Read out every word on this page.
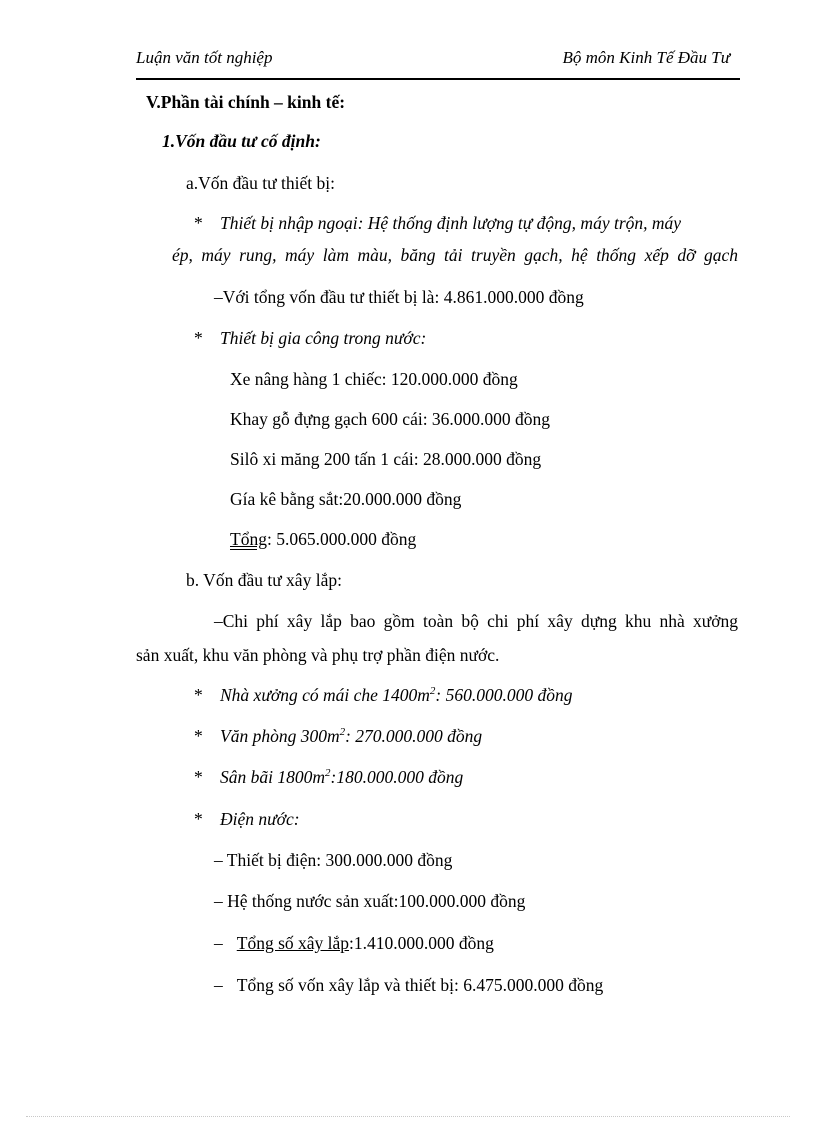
Luận văn tốt nghiệp	Bộ môn Kinh Tế Đầu Tư
V.Phần tài chính – kinh tế:
1.Vốn đầu tư cố định:
a.Vốn đầu tư thiết bị:
* Thiết bị nhập ngoại: Hệ thống định lượng tự động, máy trộn, máy
ép, máy rung, máy làm màu, băng tải truyền gạch, hệ thống xếp dỡ gạch
–Với tổng vốn đầu tư thiết bị là: 4.861.000.000 đồng
* Thiết bị gia công trong nước:
Xe nâng hàng 1 chiếc: 120.000.000 đồng
Khay gỗ đựng gạch 600 cái: 36.000.000 đồng
Silô xi măng 200 tấn 1 cái: 28.000.000 đồng
Gía kê bằng sắt:20.000.000 đồng
Tổng: 5.065.000.000 đồng
b. Vốn đầu tư xây lắp:
–Chi phí xây lắp bao gồm toàn bộ chi phí xây dựng khu nhà xưởng
sản xuất, khu văn phòng và phụ trợ phần điện nước.
* Nhà xưởng có mái che $1400m^2$: 560.000.000 đồng
* Văn phòng $300m^2$: 270.000.000 đồng
* Sân bãi $1800m^2:180.000.000$ đồng
* Điện nước:
– Thiết bị điện: 300.000.000 đồng
– Hệ thống nước sản xuất:100.000.000 đồng
– Tổng số xây lắp:1.410.000.000 đồng
– Tổng số vốn xây lắp và thiết bị: 6.475.000.000 đồng
